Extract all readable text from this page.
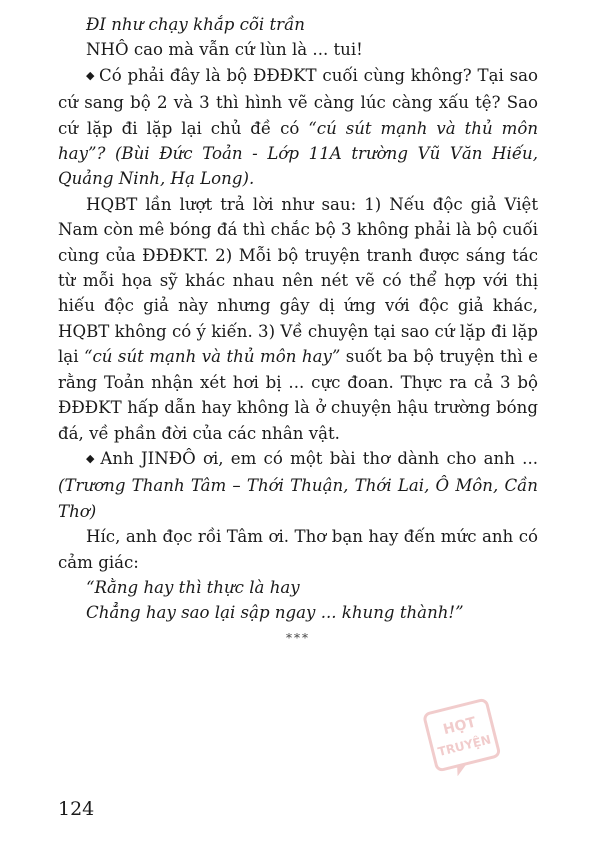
ĐI như chạy khắp cõi trần

NHÔ cao mà vẫn cứ lùn là ... tui!

◆ Có phải đây là bộ ĐĐĐKT cuối cùng không? Tại sao cứ sang bộ 2 và 3 thì hình vẽ càng lúc càng xấu tệ? Sao cứ lặp đi lặp lại chủ đề có “cú sút mạnh và thủ môn hay”? (Bùi Đức Toản - Lớp 11A trường Vũ Văn Hiếu, Quảng Ninh, Hạ Long).

HQBT lần lượt trả lời như sau: 1) Nếu độc giả Việt Nam còn mê bóng đá thì chắc bộ 3 không phải là bộ cuối cùng của ĐĐĐKT. 2) Mỗi bộ truyện tranh được sáng tác từ mỗi họa sỹ khác nhau nên nét vẽ có thể hợp với thị hiếu độc giả này nhưng gây dị ứng với độc giả khác, HQBT không có ý kiến. 3) Về chuyện tại sao cứ lặp đi lặp lại “cú sút mạnh và thủ môn hay” suốt ba bộ truyện thì e rằng Toản nhận xét hơi bị ... cực đoan. Thực ra cả 3 bộ ĐĐĐKT hấp dẫn hay không là ở chuyện hậu trường bóng đá, về phần đời của các nhân vật.

◆ Anh JINĐÔ ơi, em có một bài thơ dành cho anh ... (Trương Thanh Tâm – Thới Thuận, Thới Lai, Ô Môn, Cần Thơ)

Híc, anh đọc rồi Tâm ơi. Thơ bạn hay đến mức anh có cảm giác:

“Rằng hay thì thực là hay

Chẳng hay sao lại sập ngay ... khung thành!”

***

HỌT
TRUYỆN
124
